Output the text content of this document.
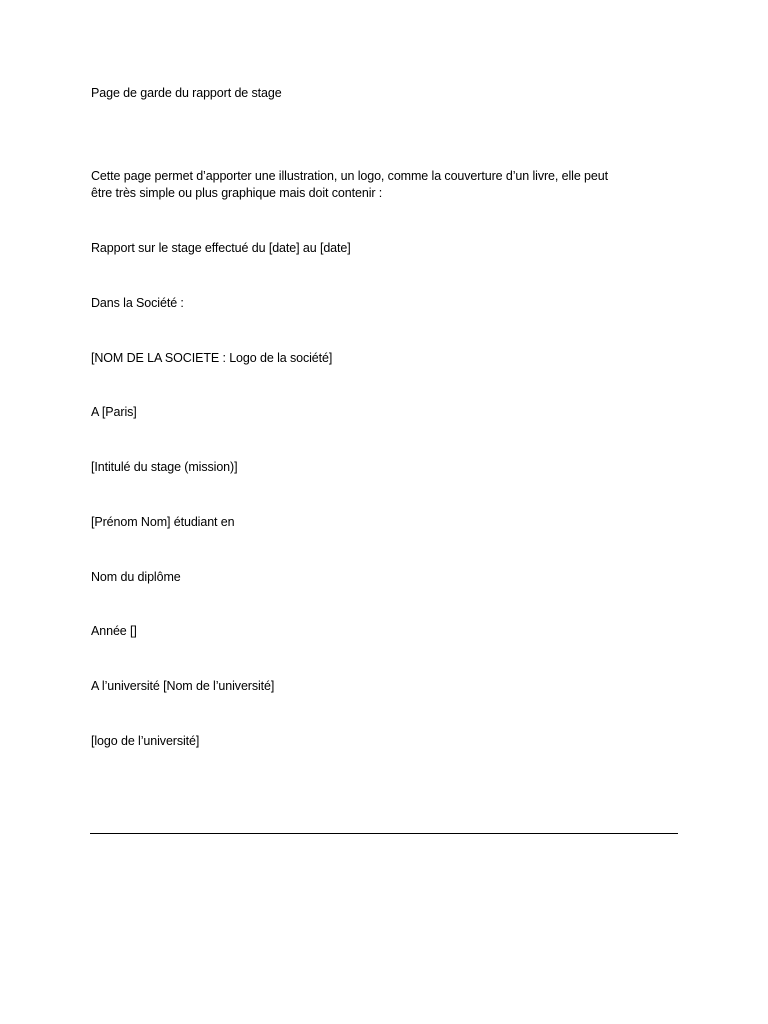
Page de garde du rapport de stage
Cette page permet d’apporter une illustration, un logo, comme la couverture d’un livre, elle peut
être très simple ou plus graphique mais doit contenir :
Rapport sur le stage effectué du [date] au [date]
Dans la Société :
[NOM DE LA SOCIETE : Logo de la société]
A [Paris]
[Intitulé du stage (mission)]
[Prénom Nom] étudiant en
Nom du diplôme
Année []
A l’université [Nom de l’université]
[logo de l’université]
